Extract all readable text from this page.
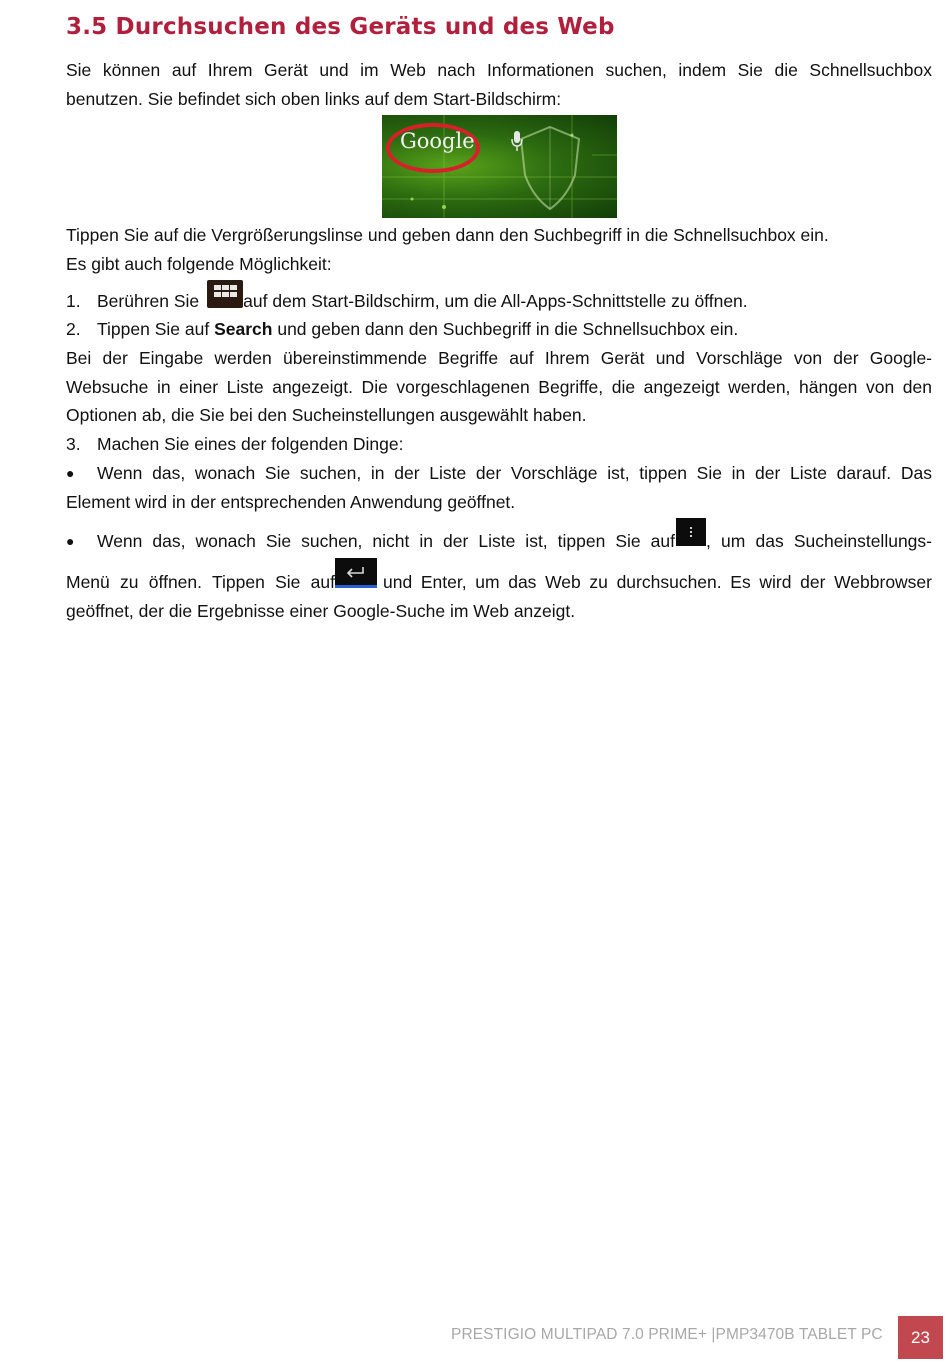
3.5 Durchsuchen des Geräts und des Web
Sie können auf Ihrem Gerät und im Web nach Informationen suchen, indem Sie die Schnellsuchbox
benutzen. Sie befindet sich oben links auf dem Start-Bildschirm:
Google
Tippen Sie auf die Vergrößerungslinse und geben dann den Suchbegriff in die Schnellsuchbox ein.
Es gibt auch folgende Möglichkeit:
1. Berühren Sie	auf dem Start-Bildschirm, um die All-Apps-Schnittstelle zu öffnen.
2. Tippen Sie auf Search und geben dann den Suchbegriff in die Schnellsuchbox ein.
Bei der Eingabe werden übereinstimmende Begriffe auf Ihrem Gerät und Vorschläge von der Google-
Websuche in einer Liste angezeigt. Die vorgeschlagenen Begriffe, die angezeigt werden, hängen von den
Optionen ab, die Sie bei den Sucheinstellungen ausgewählt haben.
3. Machen Sie eines der folgenden Dinge:
● Wenn das, wonach Sie suchen, in der Liste der Vorschläge ist, tippen Sie in der Liste darauf. Das
Element wird in der entsprechenden Anwendung geöffnet.
● Wenn das, wonach Sie suchen, nicht in der Liste ist, tippen Sie auf , um das Sucheinstellungs-
Menü zu öffnen. Tippen Sie auf	und Enter, um das Web zu durchsuchen. Es wird der Webbrowser
geöffnet, der die Ergebnisse einer Google-Suche im Web anzeigt.
PRESTIGIO MULTIPAD 7.0 PRIME+ |PMP3470B TABLET PC	23
